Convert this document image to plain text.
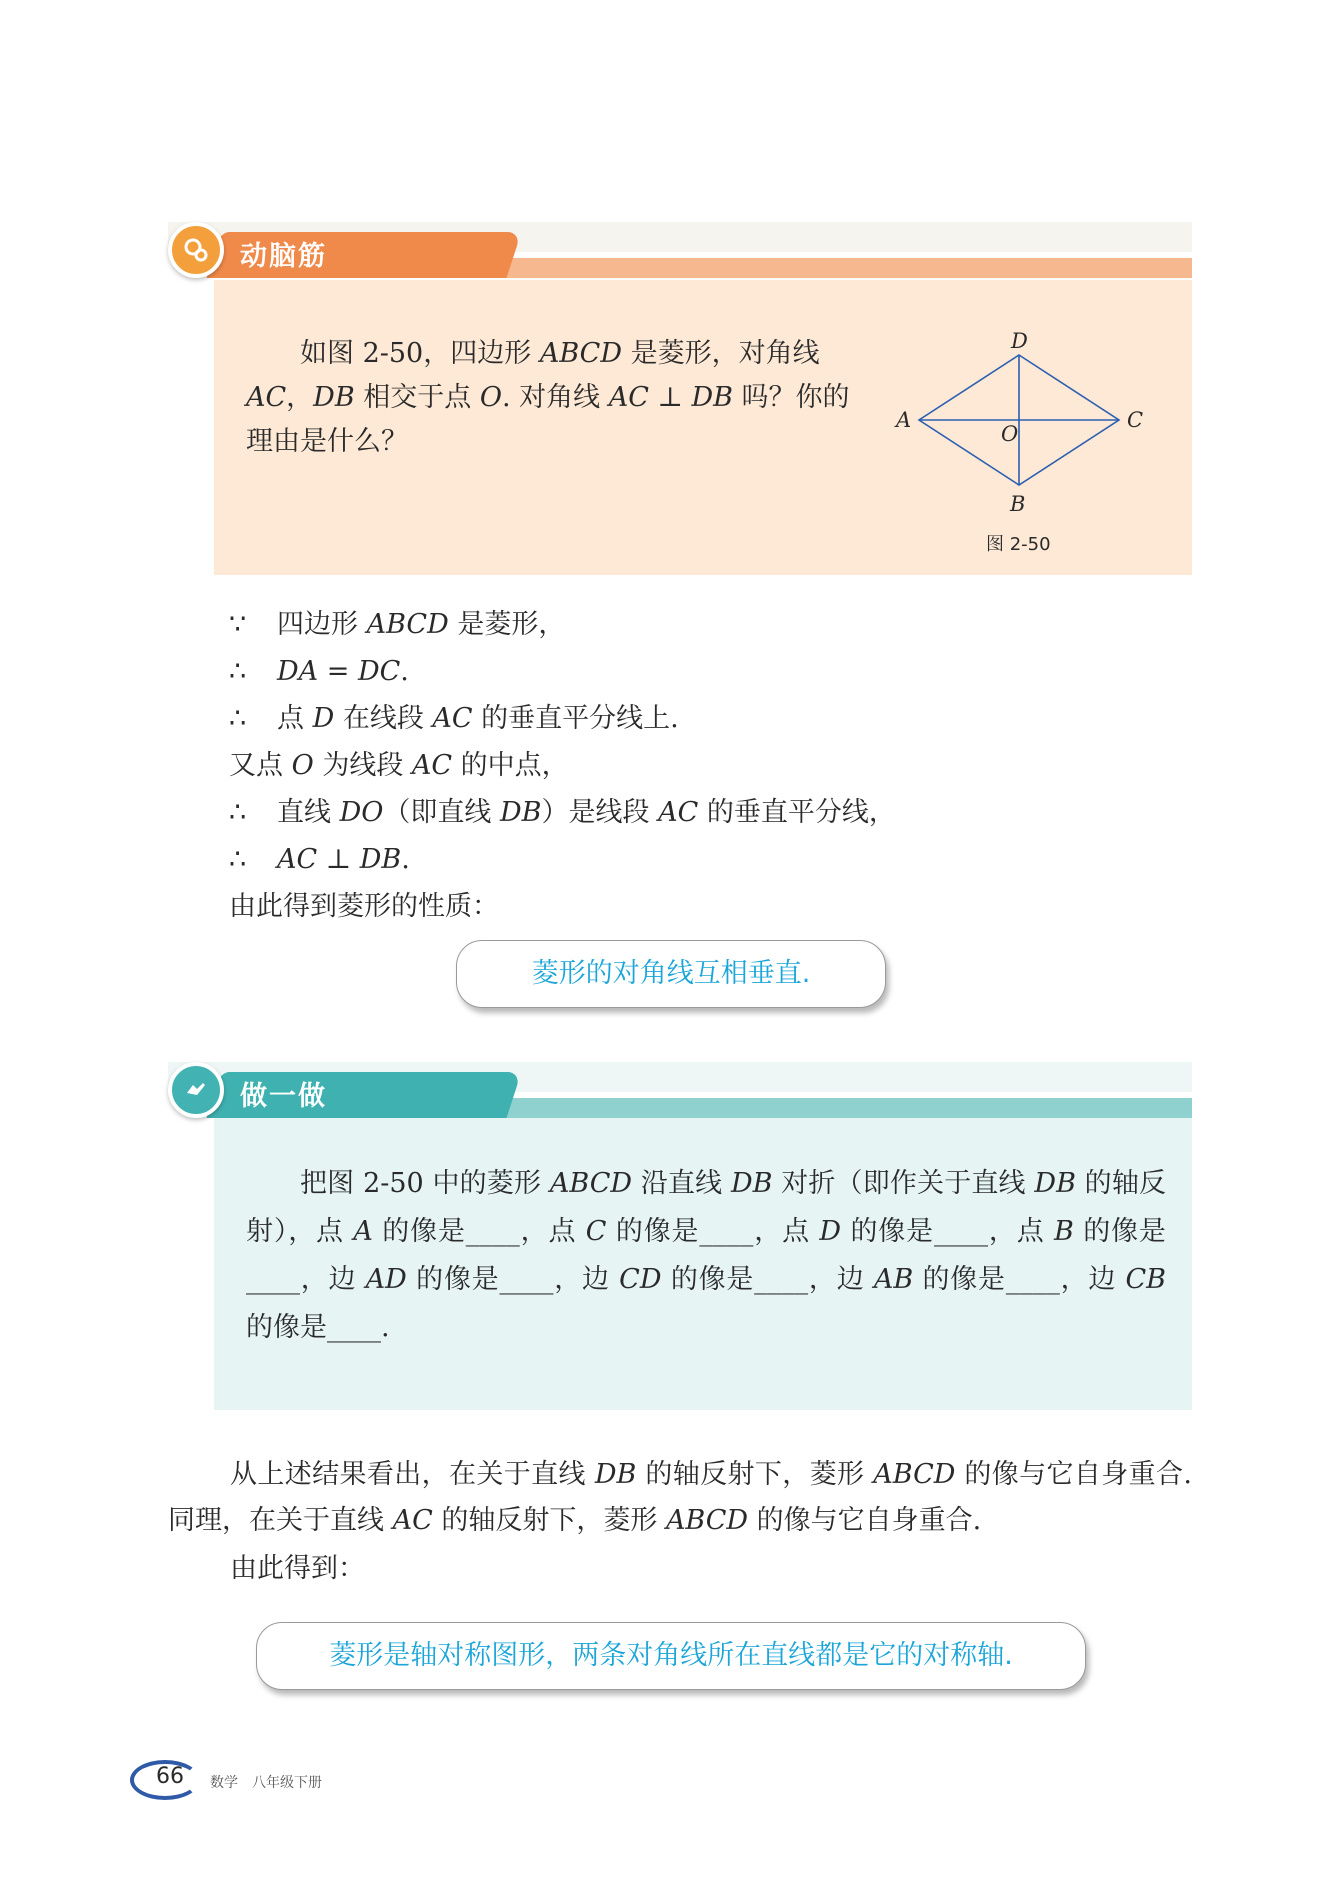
动脑筋
如图 2-50，四边形 ABCD 是菱形，对角线 AC，DB 相交于点 O. 对角线 AC ⊥ DB 吗？你的理由是什么？
D
A	C
O
B
图 2-50
∵ 四边形 ABCD 是菱形，
∴ DA = DC.
∴ 点 D 在线段 AC 的垂直平分线上.
又点 O 为线段 AC 的中点，
∴ 直线 DO（即直线 DB）是线段 AC 的垂直平分线，
∴ AC ⊥ DB.
由此得到菱形的性质：
菱形的对角线互相垂直.
做一做
把图 2-50 中的菱形 ABCD 沿直线 DB 对折（即作关于直线 DB 的轴反射），点 A 的像是____，点 C 的像是____，点 D 的像是____，点 B 的像是____，边 AD 的像是____，边 CD 的像是____，边 AB 的像是____，边 CB 的像是____.
从上述结果看出，在关于直线 DB 的轴反射下，菱形 ABCD 的像与它自身重合. 同理，在关于直线 AC 的轴反射下，菱形 ABCD 的像与它自身重合.
由此得到：
菱形是轴对称图形，两条对角线所在直线都是它的对称轴.
66 数学　八年级下册
